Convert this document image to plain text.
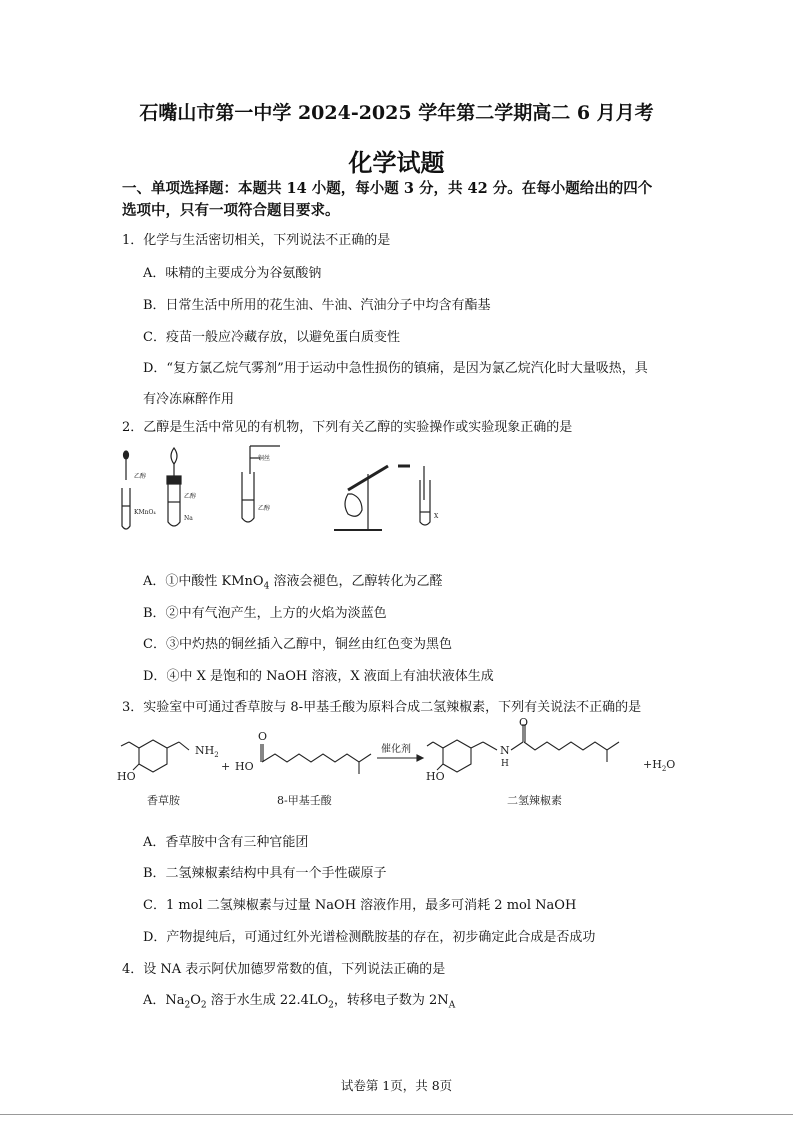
石嘴山市第一中学 2024-2025 学年第二学期高二 6 月月考
化学试题
一、单项选择题：本题共 14 小题，每小题 3 分，共 42 分。在每小题给出的四个
选项中，只有一项符合题目要求。
1．化学与生活密切相关，下列说法不正确的是
A．味精的主要成分为谷氨酸钠
B．日常生活中所用的花生油、牛油、汽油分子中均含有酯基
C．疫苗一般应冷藏存放，以避免蛋白质变性
D．“复方氯乙烷气雾剂”用于运动中急性损伤的镇痛，是因为氯乙烷汽化时大量吸热，具
有冷冻麻醉作用
2．乙醇是生活中常见的有机物，下列有关乙醇的实验操作或实验现象正确的是
乙醇
KMnO₄
乙醇
Na
铜丝
乙醇
X
A．①中酸性 KMnO$_4$ 溶液会褪色，乙醇转化为乙醛
B．②中有气泡产生，上方的火焰为淡蓝色
C．③中灼热的铜丝插入乙醇中，铜丝由红色变为黑色
D．④中 X 是饱和的 NaOH 溶液，X 液面上有油状液体生成
3．实验室中可通过香草胺与 8-甲基壬酸为原料合成二氢辣椒素，下列有关说法不正确的是
$NH_2$
+ HO
O
催化剂
HO	HO
O
N
H	$+H_2O$
香草胺	8-甲基壬酸	二氢辣椒素
A．香草胺中含有三种官能团
B．二氢辣椒素结构中具有一个手性碳原子
C．1 mol 二氢辣椒素与过量 NaOH 溶液作用，最多可消耗 2 mol NaOH
D．产物提纯后，可通过红外光谱检测酰胺基的存在，初步确定此合成是否成功
4．设 NA 表示阿伏加德罗常数的值，下列说法正确的是
A．$Na_2O_2$ 溶于水生成 $22.4LO_2$，转移电子数为 $2N_A$
试卷第 1页，共 8页
